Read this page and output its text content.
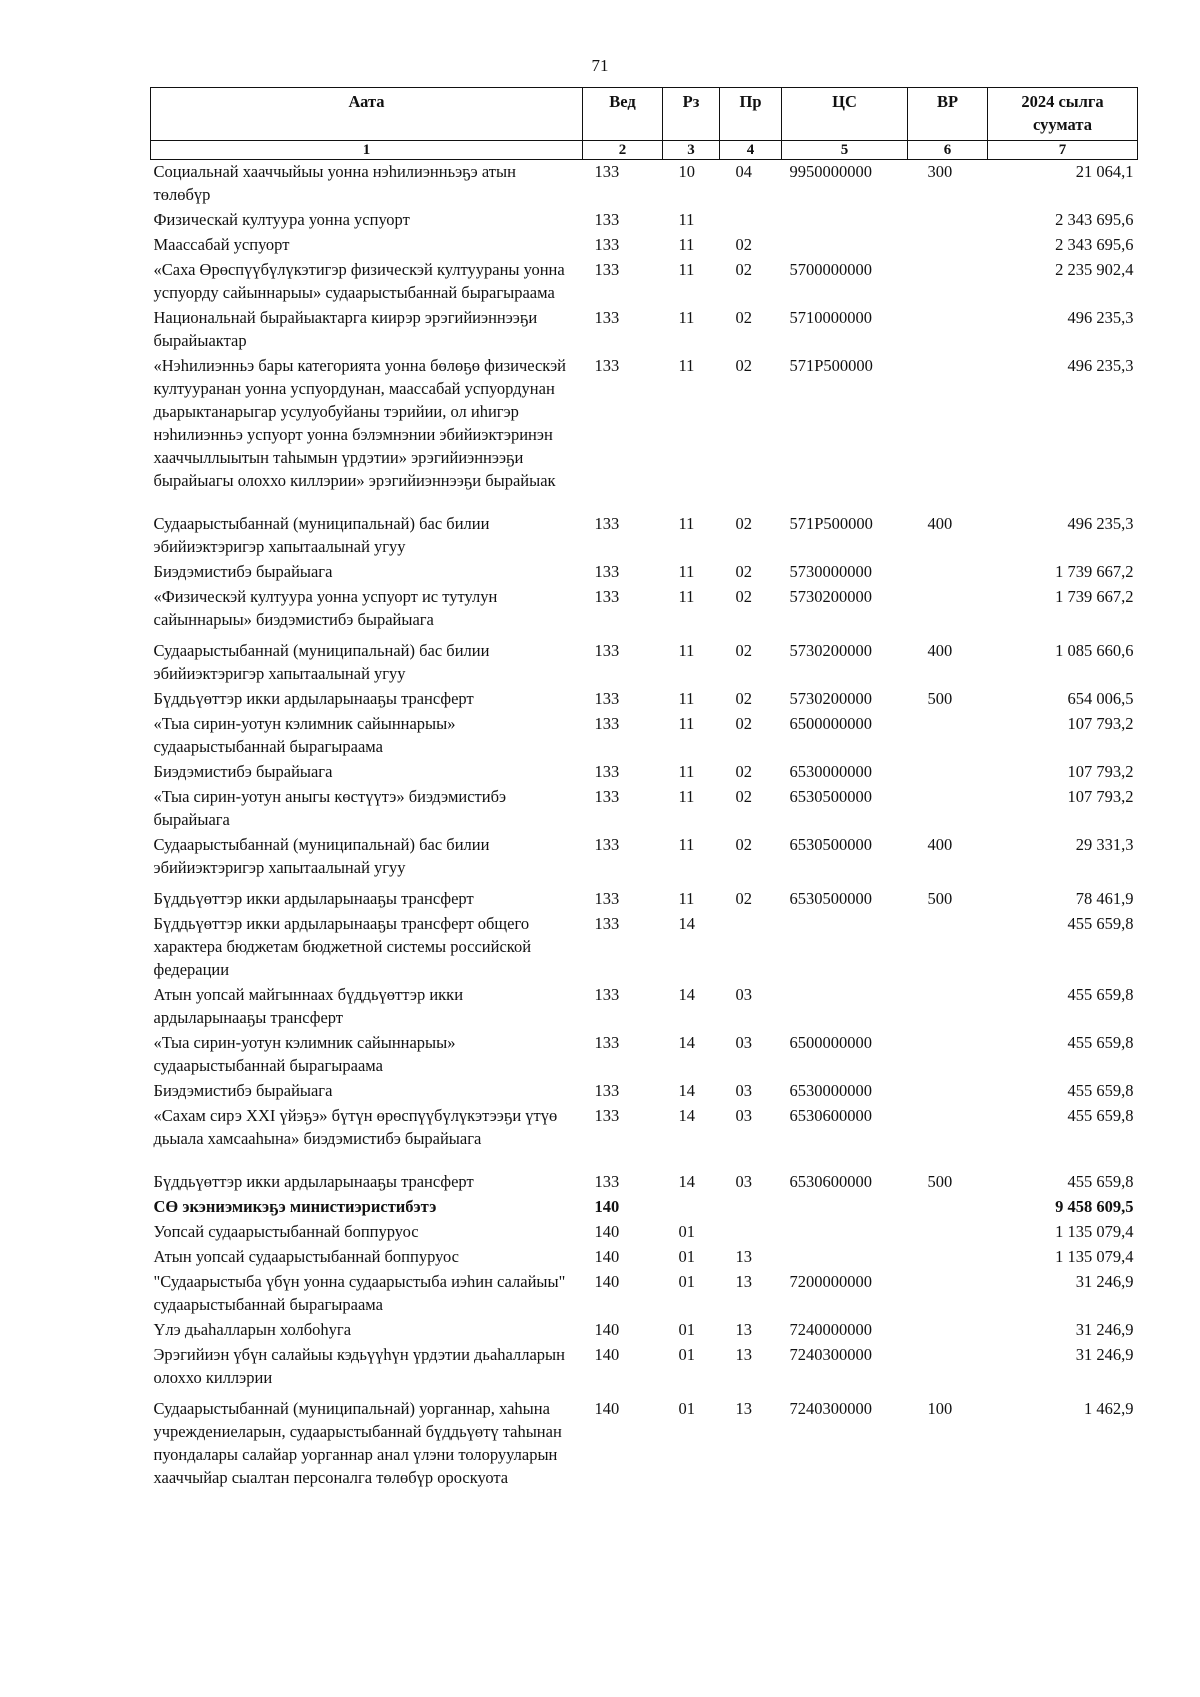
71
Аата	Вед	Рз	Пр	ЦС	ВР	2024 сылга суумата
1	2	3	4	5	6	7
Социальнай хааччыйыы уонна нэһилиэнньэҕэ атын төлөбүр	133	10	04	9950000000	300	21 064,1
Физическай култуура уонна успуорт	133	11				2 343 695,6
Маассабай успуорт	133	11	02			2 343 695,6
«Саха Өрөспүүбүлүкэтигэр физическэй култуураны уонна успуорду сайыннарыы» судаарыстыбаннай бырагыраама	133	11	02	5700000000		2 235 902,4
Национальнай бырайыактарга киирэр эрэгийиэннээҕи бырайыактар	133	11	02	5710000000		496 235,3
«Нэһилиэнньэ бары категорията уонна бөлөҕө физическэй култууранан уонна успуордунан, маассабай успуордунан дьарыктанарыгар усулуобуйаны тэрийии, ол иһигэр нэһилиэнньэ успуорт уонна бэлэмнэнии эбийиэктэринэн хааччыллыытын таһымын үрдэтии» эрэгийиэннээҕи бырайыагы олоххо киллэрии» эрэгийиэннээҕи бырайыак	133	11	02	571P500000		496 235,3
Судаарыстыбаннай (муниципальнай) бас билии эбийиэктэригэр хапытаалынай угуу	133	11	02	571P500000	400	496 235,3
Биэдэмистибэ бырайыага	133	11	02	5730000000		1 739 667,2
«Физическэй култуура уонна успуорт ис тутулун сайыннарыы» биэдэмистибэ бырайыага	133	11	02	5730200000		1 739 667,2
Судаарыстыбаннай (муниципальнай) бас билии эбийиэктэригэр хапытаалынай угуу	133	11	02	5730200000	400	1 085 660,6
Бүддьүөттэр икки ардыларынааҕы трансферт	133	11	02	5730200000	500	654 006,5
«Тыа сирин-уотун кэлимник сайыннарыы» судаарыстыбаннай бырагыраама	133	11	02	6500000000		107 793,2
Биэдэмистибэ бырайыага	133	11	02	6530000000		107 793,2
«Тыа сирин-уотун аныгы көстүүтэ» биэдэмистибэ бырайыага	133	11	02	6530500000		107 793,2
Судаарыстыбаннай (муниципальнай) бас билии эбийиэктэригэр хапытаалынай угуу	133	11	02	6530500000	400	29 331,3
Бүддьүөттэр икки ардыларынааҕы трансферт	133	11	02	6530500000	500	78 461,9
Бүддьүөттэр икки ардыларынааҕы трансферт общего характера бюджетам бюджетной системы российской федерации	133	14				455 659,8
Атын уопсай майгыннаах бүддьүөттэр икки ардыларынааҕы трансферт	133	14	03			455 659,8
«Тыа сирин-уотун кэлимник сайыннарыы» судаарыстыбаннай бырагыраама	133	14	03	6500000000		455 659,8
Биэдэмистибэ бырайыага	133	14	03	6530000000		455 659,8
«Сахам сирэ XXI үйэҕэ» бүтүн өрөспүүбүлүкэтээҕи үтүө дьыала хамсааһына» биэдэмистибэ бырайыага	133	14	03	6530600000		455 659,8
Бүддьүөттэр икки ардыларынааҕы трансферт	133	14	03	6530600000	500	455 659,8
СӨ экэниэмикэҕэ министиэристибэтэ	140					9 458 609,5
Уопсай судаарыстыбаннай боппуруос	140	01				1 135 079,4
Атын уопсай судаарыстыбаннай боппуруос	140	01	13			1 135 079,4
"Судаарыстыба үбүн уонна судаарыстыба иэһин салайыы" судаарыстыбаннай бырагыраама	140	01	13	7200000000		31 246,9
Үлэ дьаһалларын холбоһуга	140	01	13	7240000000		31 246,9
Эрэгийиэн үбүн салайыы кэдьүүһүн үрдэтии дьаһалларын олоххо киллэрии	140	01	13	7240300000		31 246,9
Судаарыстыбаннай (муниципальнай) уорганнар, хаһына учреждениеларын, судаарыстыбаннай бүддьүөтү таһынан пуондалары салайар уорганнар анал үлэни толорууларын хааччыйар сыалтан персоналга төлөбүр ороскуота	140	01	13	7240300000	100	1 462,9
